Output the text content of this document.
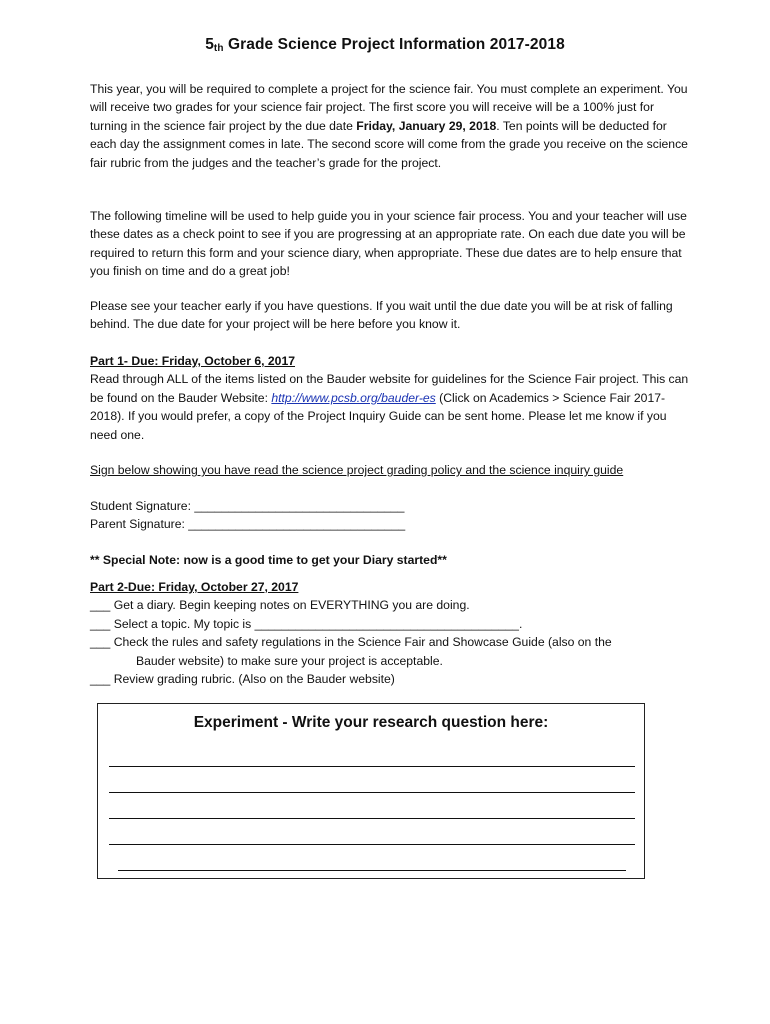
5th Grade Science Project Information 2017-2018

This year, you will be required to complete a project for the science fair. You must complete an experiment. You will receive two grades for your science fair project. The first score you will receive will be a 100% just for turning in the science fair project by the due date Friday, January 29, 2018. Ten points will be deducted for each day the assignment comes in late. The second score will come from the grade you receive on the science fair rubric from the judges and the teacher’s grade for the project.

The following timeline will be used to help guide you in your science fair process. You and your teacher will use these dates as a check point to see if you are progressing at an appropriate rate. On each due date you will be required to return this form and your science diary, when appropriate. These due dates are to help ensure that you finish on time and do a great job!

Please see your teacher early if you have questions. If you wait until the due date you will be at risk of falling behind. The due date for your project will be here before you know it.

Part 1- Due: Friday, October 6, 2017

Read through ALL of the items listed on the Bauder website for guidelines for the Science Fair project. This can be found on the Bauder Website: http://www.pcsb.org/bauder-es (Click on Academics > Science Fair 2017-2018). If you would prefer, a copy of the Project Inquiry Guide can be sent home. Please let me know if you need one.

Sign below showing you have read the science project grading policy and the science inquiry guide

Student Signature: _______________________________

Parent Signature: ________________________________

** Special Note: now is a good time to get your Diary started**

Part 2-Due: Friday, October 27, 2017

___ Get a diary. Begin keeping notes on EVERYTHING you are doing.

___ Select a topic. My topic is _______________________________________.

___ Check the rules and safety regulations in the Science Fair and Showcase Guide (also on the

Bauder website) to make sure your project is acceptable.

___ Review grading rubric. (Also on the Bauder website)

Experiment - Write your research question here:
